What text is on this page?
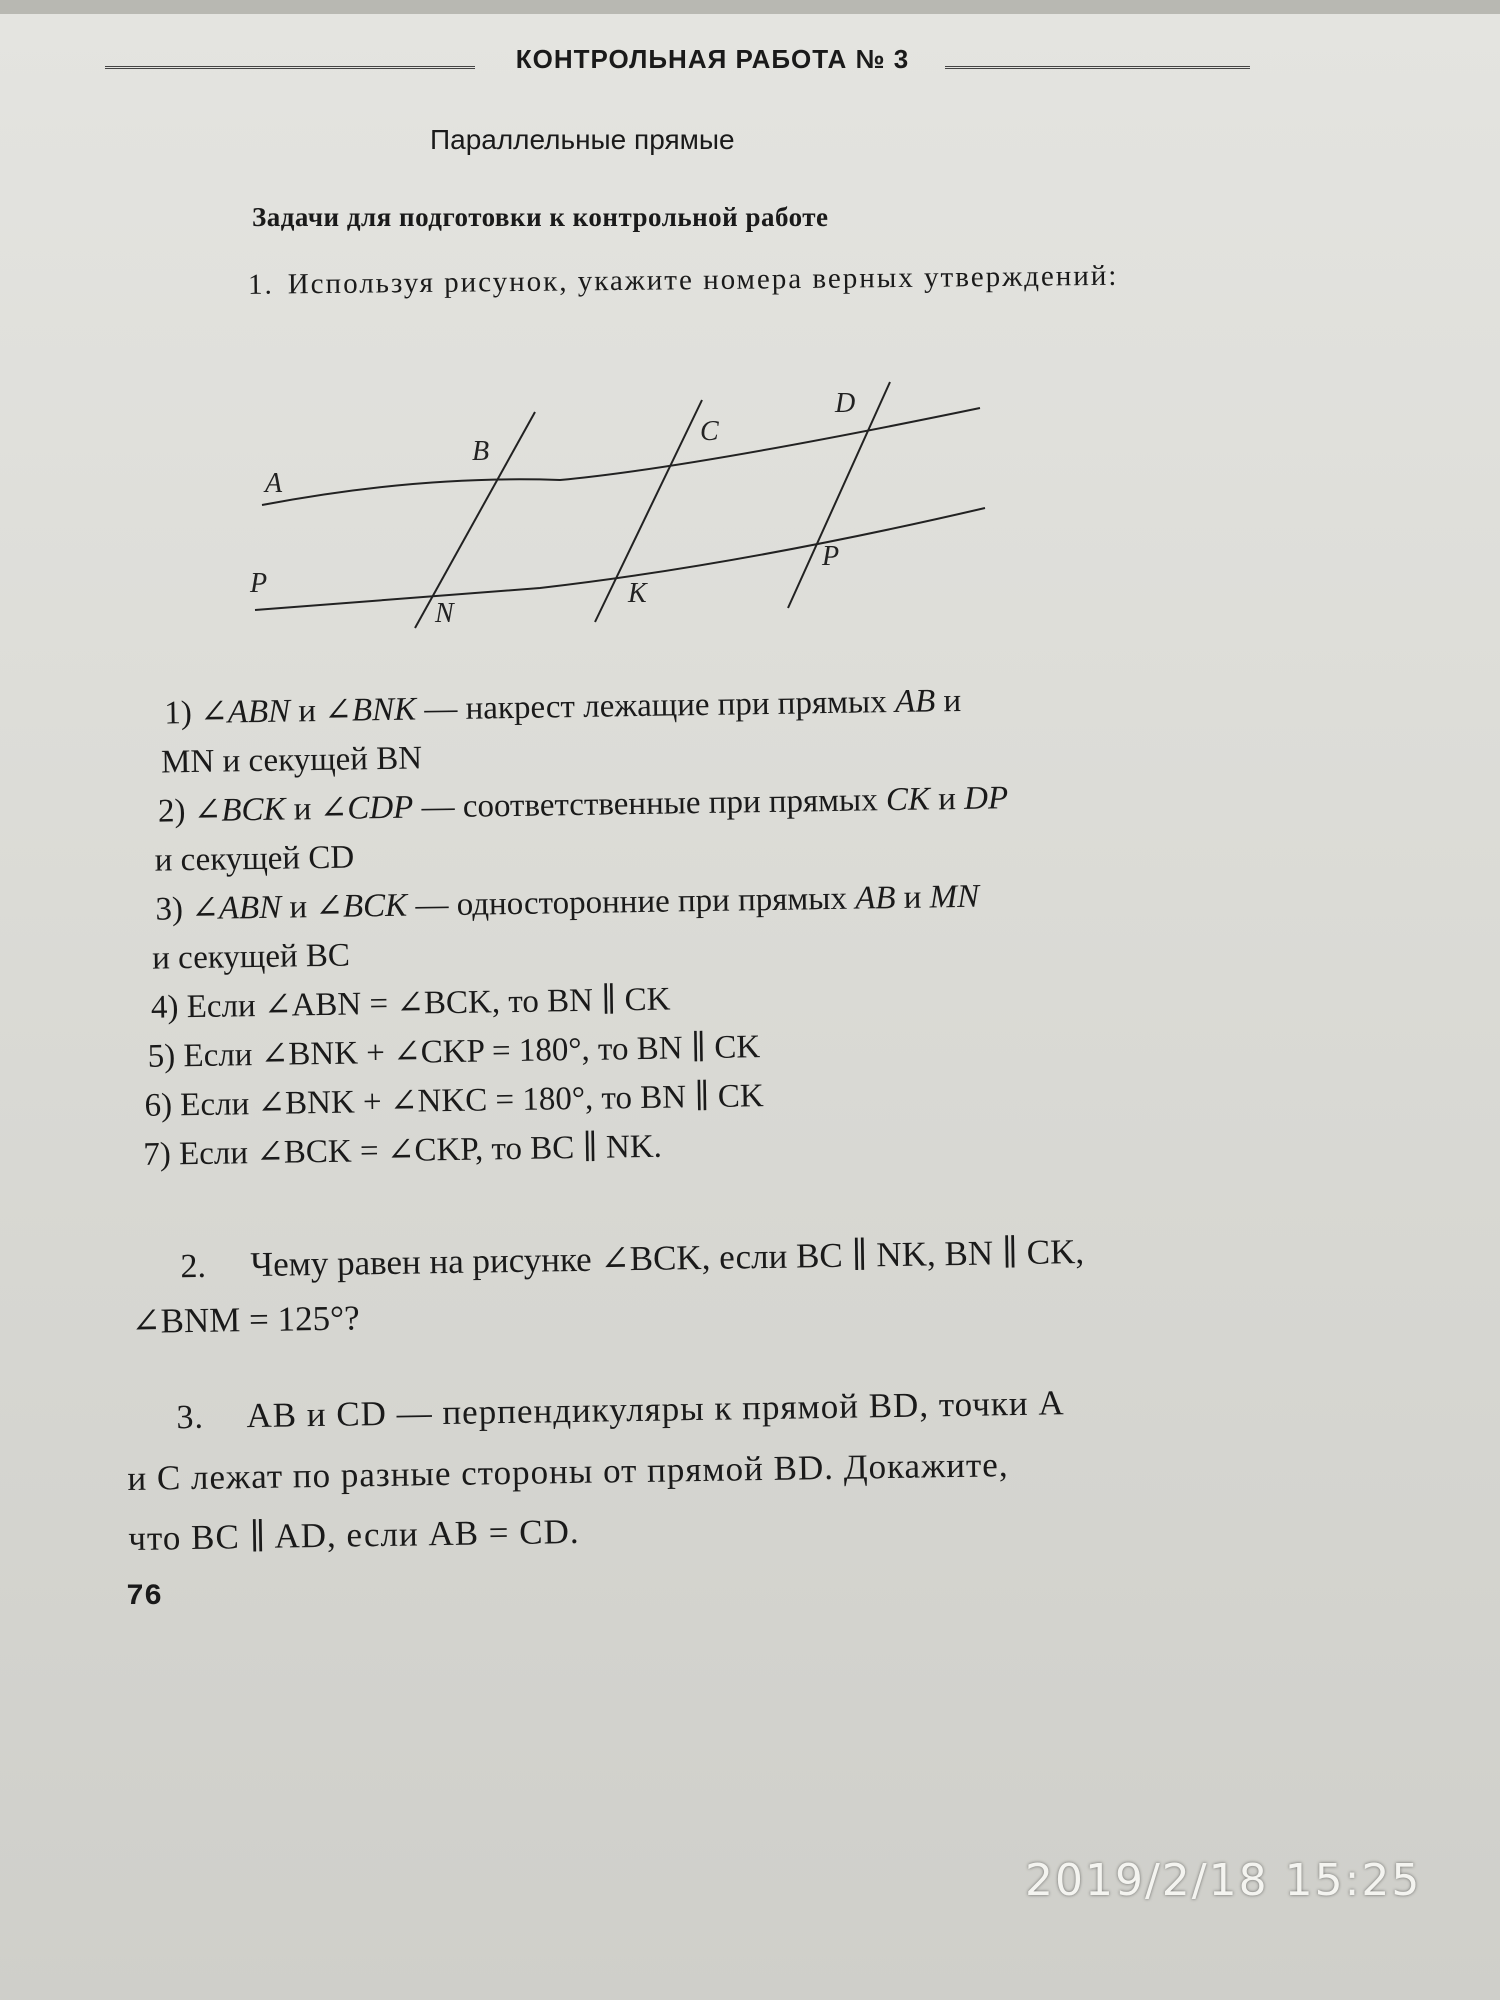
КОНТРОЛЬНАЯ РАБОТА № 3
Параллельные прямые
Задачи для подготовки к контрольной работе
1. Используя рисунок, укажите номера верных утверждений:
A
B
C
D
P
N
K
P
1) ∠ABN и ∠BNK — накрест лежащие при прямых AB и
MN и секущей BN
2) ∠BCK и ∠CDP — соответственные при прямых CK и DP
и секущей CD
3) ∠ABN и ∠BCK — односторонние при прямых AB и MN
и секущей BC
4) Если ∠ABN = ∠BCK, то BN ∥ CK
5) Если ∠BNK + ∠CKP = 180°, то BN ∥ CK
6) Если ∠BNK + ∠NKC = 180°, то BN ∥ CK
7) Если ∠BCK = ∠CKP, то BC ∥ NK.
2. Чему равен на рисунке ∠BCK, если BC ∥ NK, BN ∥ CK,
∠BNM = 125°?
3. AB и CD — перпендикуляры к прямой BD, точки A
и C лежат по разные стороны от прямой BD. Докажите,
что BC ∥ AD, если AB = CD.
76
2019/2/18 15:25
